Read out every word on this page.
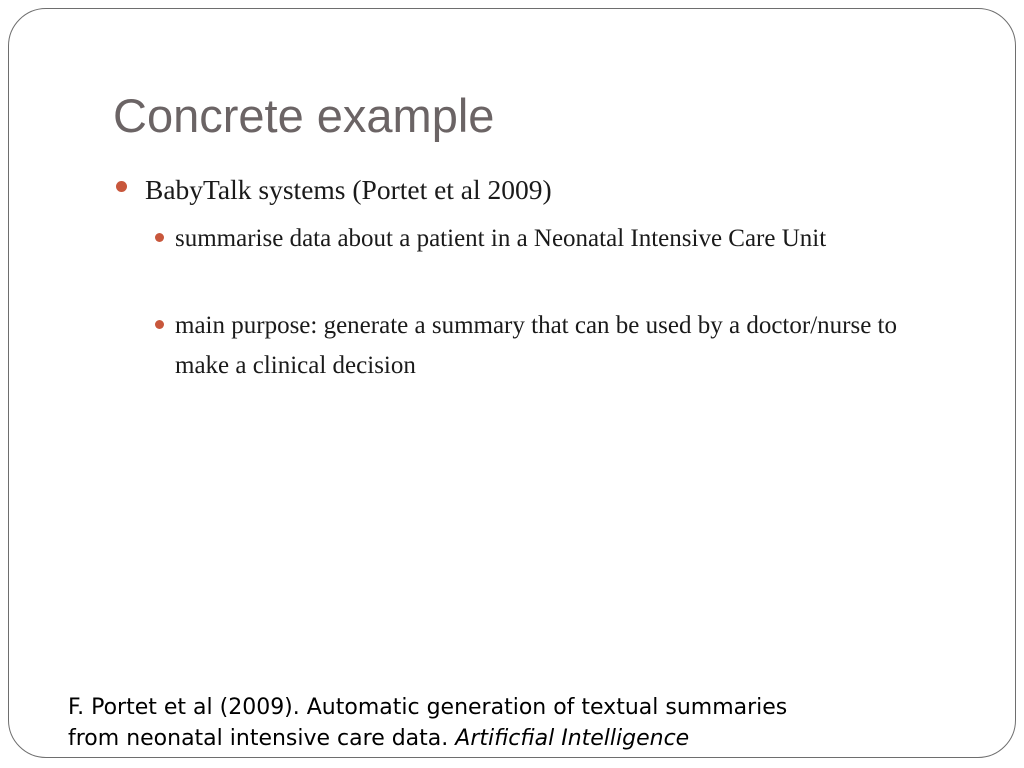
Concrete example
BabyTalk systems (Portet et al 2009)
summarise data about a patient in a Neonatal Intensive Care Unit
main purpose: generate a summary that can be used by a doctor/nurse to make a clinical decision
F. Portet et al (2009). Automatic generation of textual summaries
from neonatal intensive care data. Artificfial Intelligence
